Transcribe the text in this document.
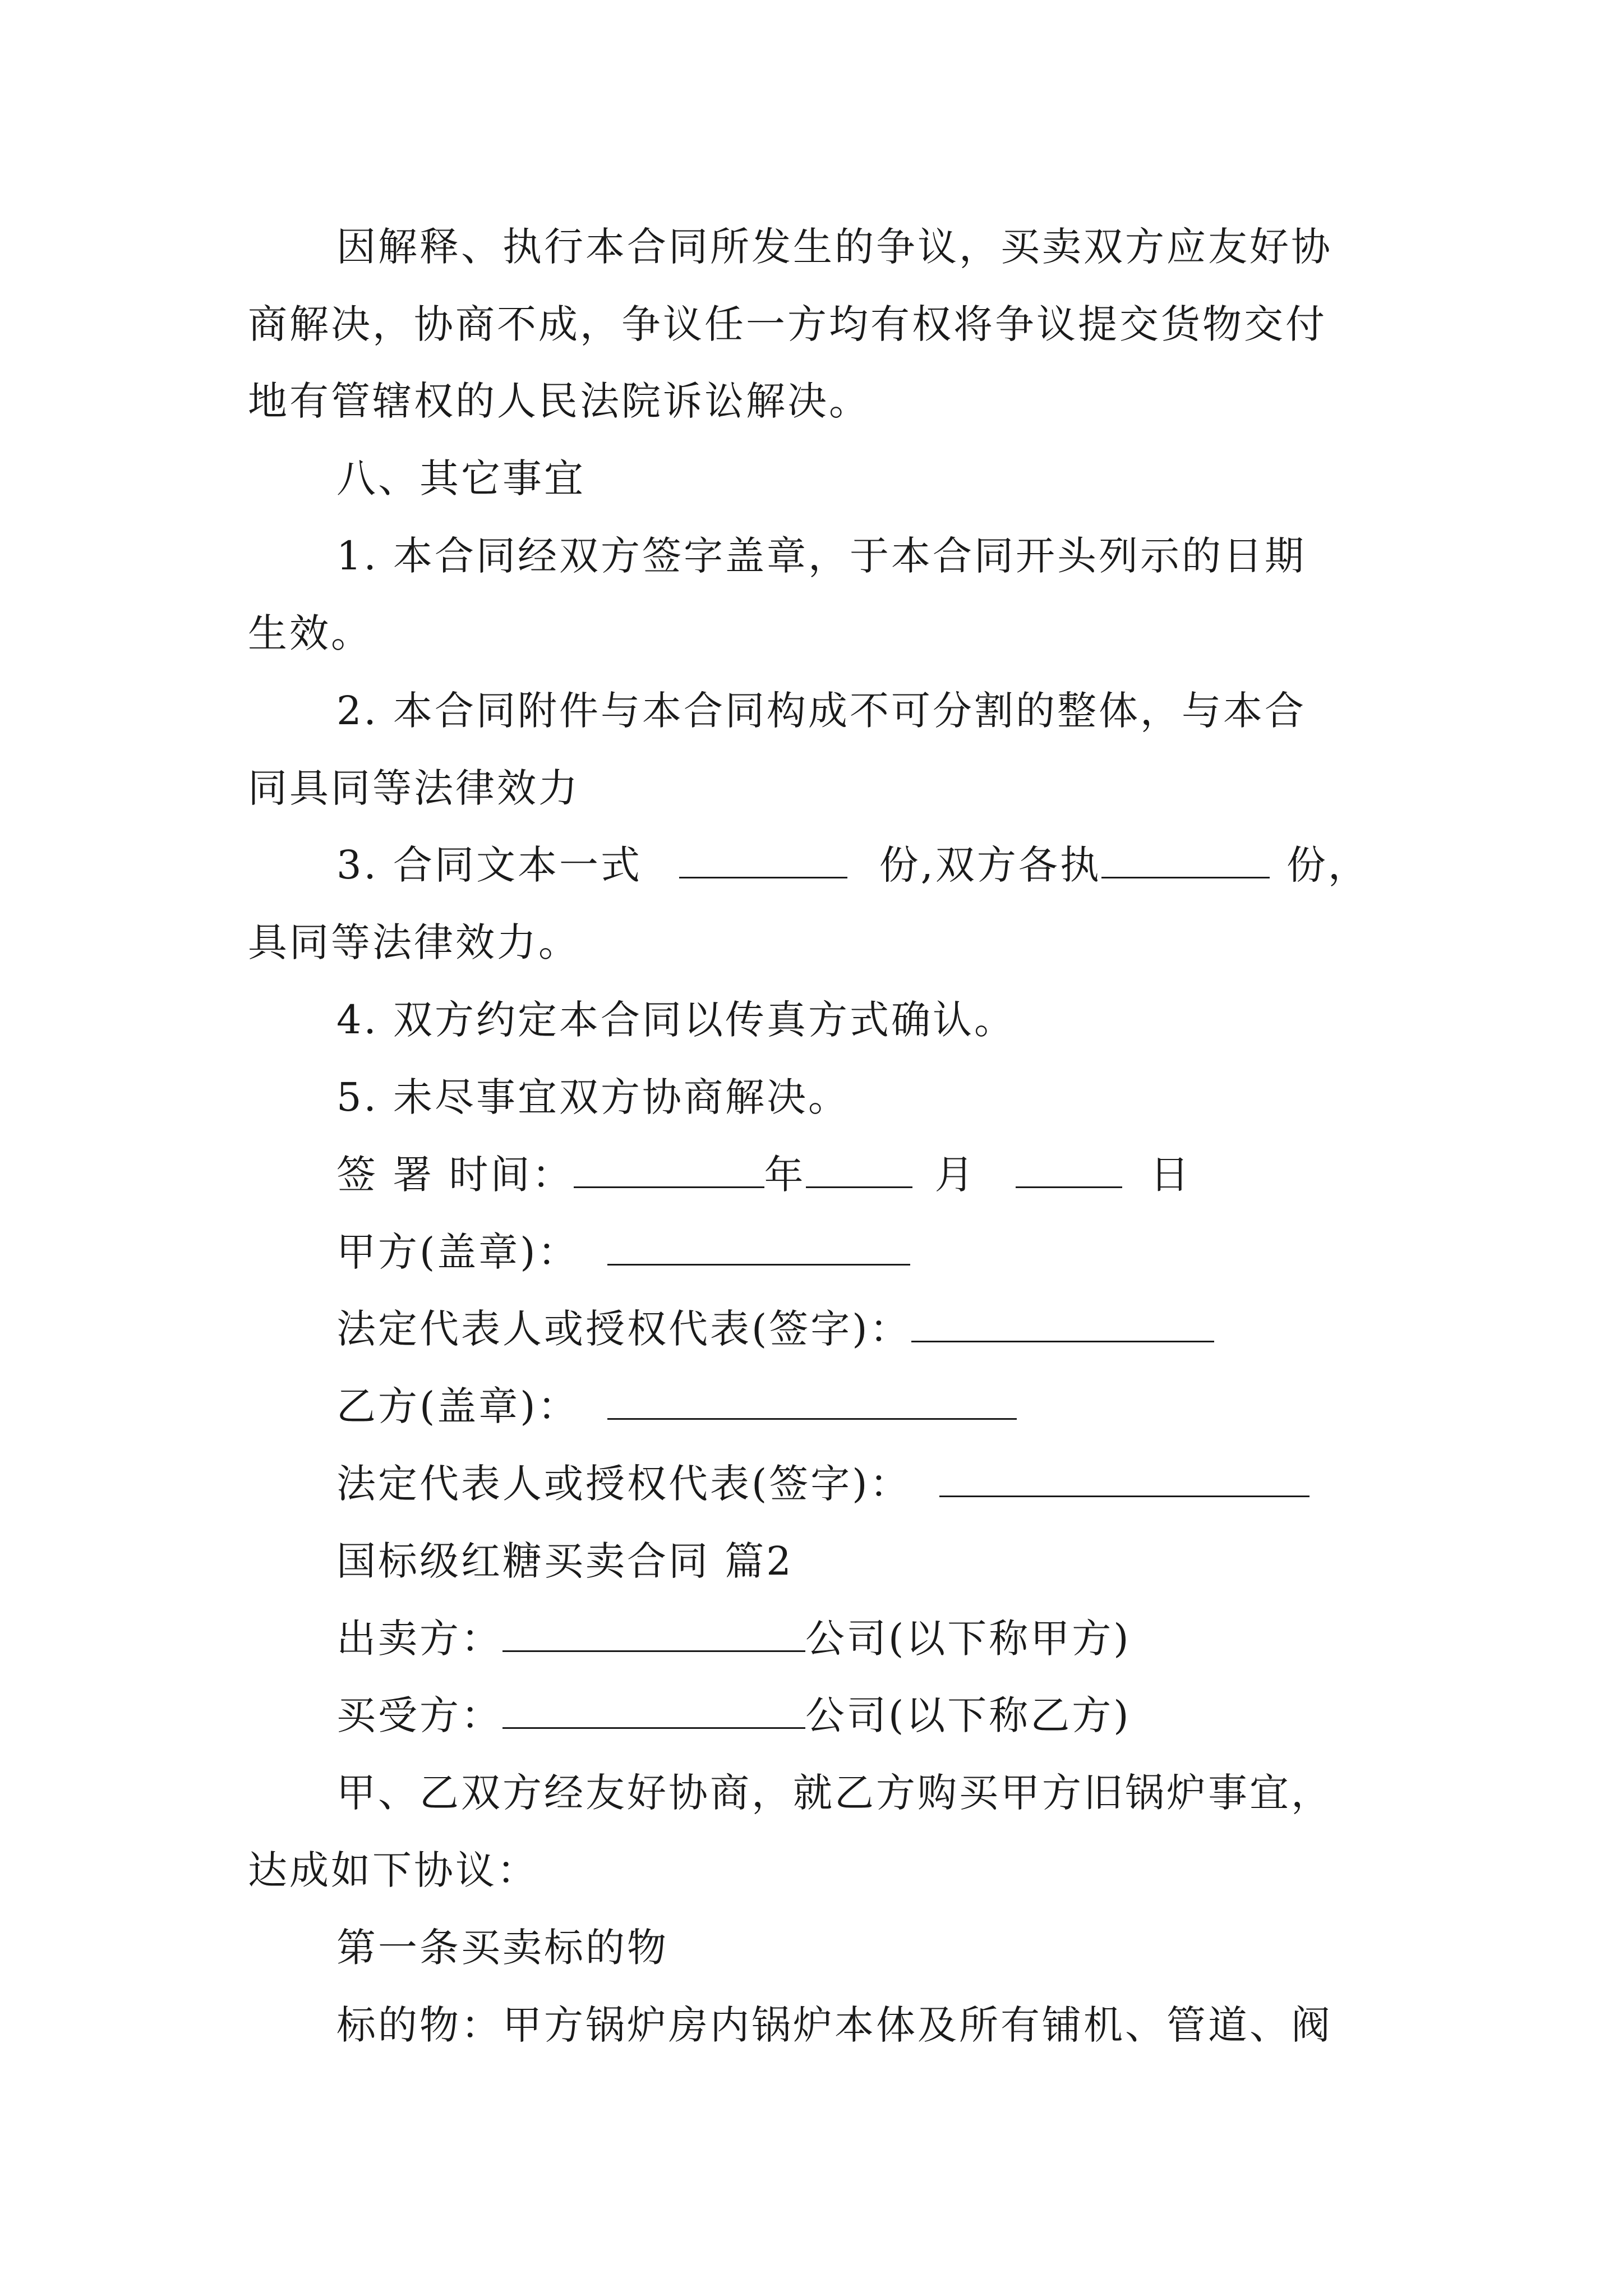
因解释、执行本合同所发生的争议，买卖双方应友好协
商解决，协商不成，争议任一方均有权将争议提交货物交付
地有管辖权的人民法院诉讼解决。
八、其它事宜
1. 本合同经双方签字盖章，于本合同开头列示的日期
生效。
2. 本合同附件与本合同构成不可分割的整体，与本合
同具同等法律效力
3. 合同文本一式	份,双方各执	份，
具同等法律效力。
4. 双方约定本合同以传真方式确认。
5. 未尽事宜双方协商解决。
签 署 时间：	年	月	日
甲方(盖章)：
法定代表人或授权代表(签字)：
乙方(盖章)：
法定代表人或授权代表(签字)：
国标级红糖买卖合同 篇2
出卖方：	公司(以下称甲方)
买受方：	公司(以下称乙方)
甲、乙双方经友好协商，就乙方购买甲方旧锅炉事宜，
达成如下协议：
第一条买卖标的物
标的物：甲方锅炉房内锅炉本体及所有铺机、管道、阀
